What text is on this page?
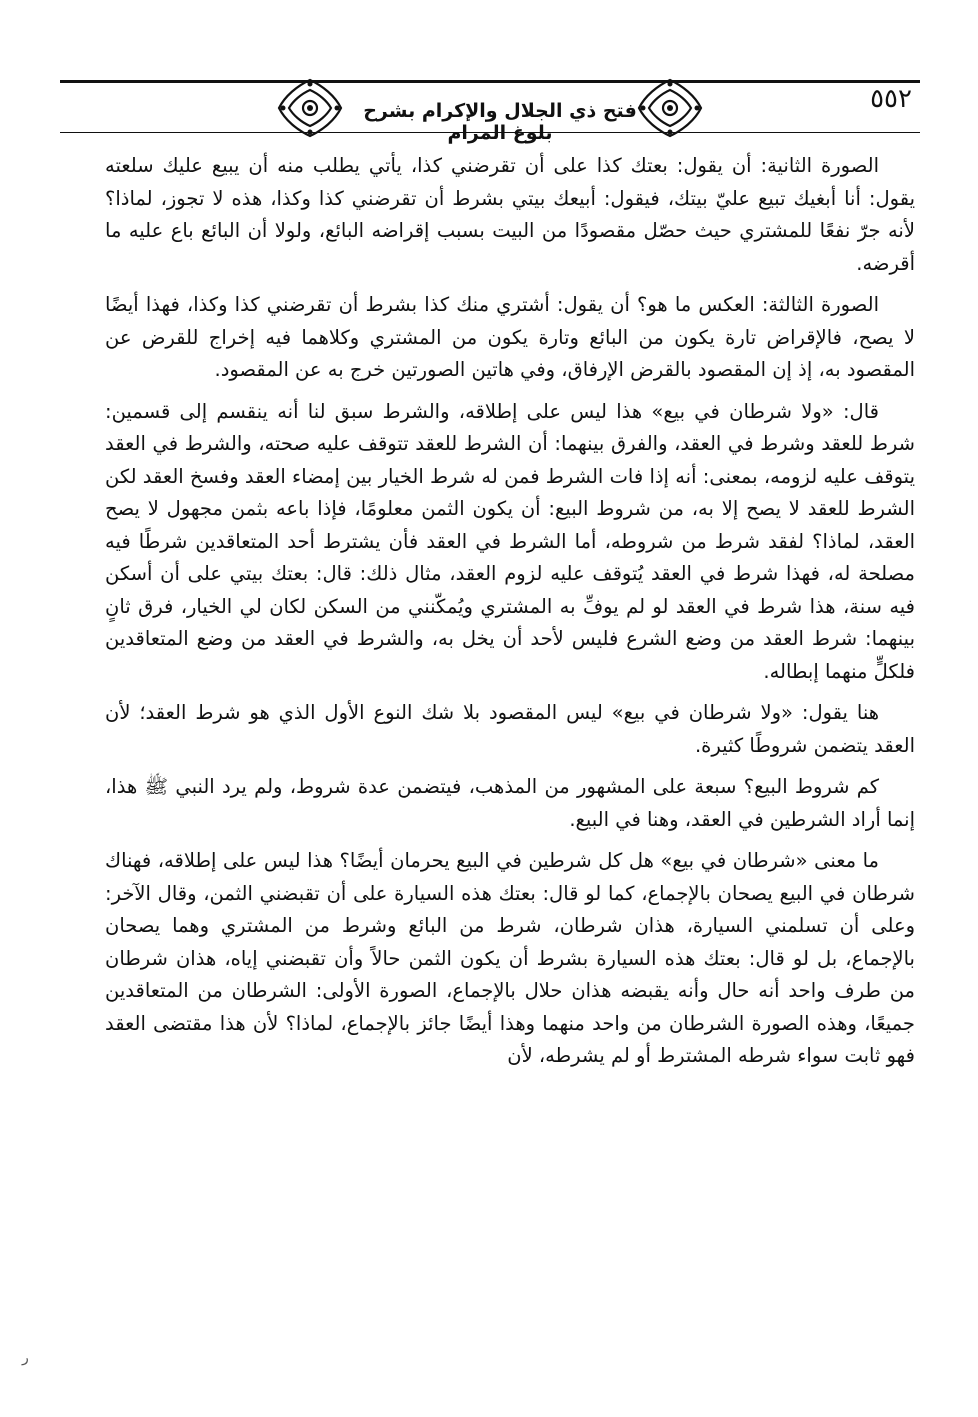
فتح ذي الجلال والإكرام بشرح بلوغ المرام
٥٥٢

الصورة الثانية: أن يقول: بعتك كذا على أن تقرضني كذا، يأتي يطلب منه أن يبيع عليك سلعته يقول: أنا أبغيك تبيع عليّ بيتك، فيقول: أبيعك بيتي بشرط أن تقرضني كذا وكذا، هذه لا تجوز، لماذا؟ لأنه جرّ نفعًا للمشتري حيث حصّل مقصودًا من البيت بسبب إقراضه البائع، ولولا أن البائع باع عليه ما أقرضه.

الصورة الثالثة: العكس ما هو؟ أن يقول: أشتري منك كذا بشرط أن تقرضني كذا وكذا، فهذا أيضًا لا يصح، فالإقراض تارة يكون من البائع وتارة يكون من المشتري وكلاهما فيه إخراج للقرض عن المقصود به، إذ إن المقصود بالقرض الإرفاق، وفي هاتين الصورتين خرج به عن المقصود.

قال: «ولا شرطان في بيع» هذا ليس على إطلاقه، والشرط سبق لنا أنه ينقسم إلى قسمين: شرط للعقد وشرط في العقد، والفرق بينهما: أن الشرط للعقد تتوقف عليه صحته، والشرط في العقد يتوقف عليه لزومه، بمعنى: أنه إذا فات الشرط فمن له شرط الخيار بين إمضاء العقد وفسخ العقد لكن الشرط للعقد لا يصح إلا به، من شروط البيع: أن يكون الثمن معلومًا، فإذا باعه بثمن مجهول لا يصح العقد، لماذا؟ لفقد شرط من شروطه، أما الشرط في العقد فأن يشترط أحد المتعاقدين شرطًا فيه مصلحة له، فهذا شرط في العقد يُتوقف عليه لزوم العقد، مثال ذلك: قال: بعتك بيتي على أن أسكن فيه سنة، هذا شرط في العقد لو لم يوفِّ به المشتري ويُمكّنني من السكن لكان لي الخيار، فرق ثانٍ بينهما: شرط العقد من وضع الشرع فليس لأحد أن يخل به، والشرط في العقد من وضع المتعاقدين فلكلٍّ منهما إبطاله.

هنا يقول: «ولا شرطان في بيع» ليس المقصود بلا شك النوع الأول الذي هو شرط العقد؛ لأن العقد يتضمن شروطًا كثيرة.

كم شروط البيع؟ سبعة على المشهور من المذهب، فيتضمن عدة شروط، ولم يرد النبي ﷺ هذا، إنما أراد الشرطين في العقد، وهنا في البيع.

ما معنى «شرطان في بيع» هل كل شرطين في البيع يحرمان أيضًا؟ هذا ليس على إطلاقه، فهناك شرطان في البيع يصحان بالإجماع، كما لو قال: بعتك هذه السيارة على أن تقبضني الثمن، وقال الآخر: وعلى أن تسلمني السيارة، هذان شرطان، شرط من البائع وشرط من المشتري وهما يصحان بالإجماع، بل لو قال: بعتك هذه السيارة بشرط أن يكون الثمن حالاً وأن تقبضني إياه، هذان شرطان من طرف واحد أنه حال وأنه يقبضه هذان حلال بالإجماع، الصورة الأولى: الشرطان من المتعاقدين جميعًا، وهذه الصورة الشرطان من واحد منهما وهذا أيضًا جائز بالإجماع، لماذا؟ لأن هذا مقتضى العقد فهو ثابت سواء شرطه المشترط أو لم يشرطه، لأن

ر
